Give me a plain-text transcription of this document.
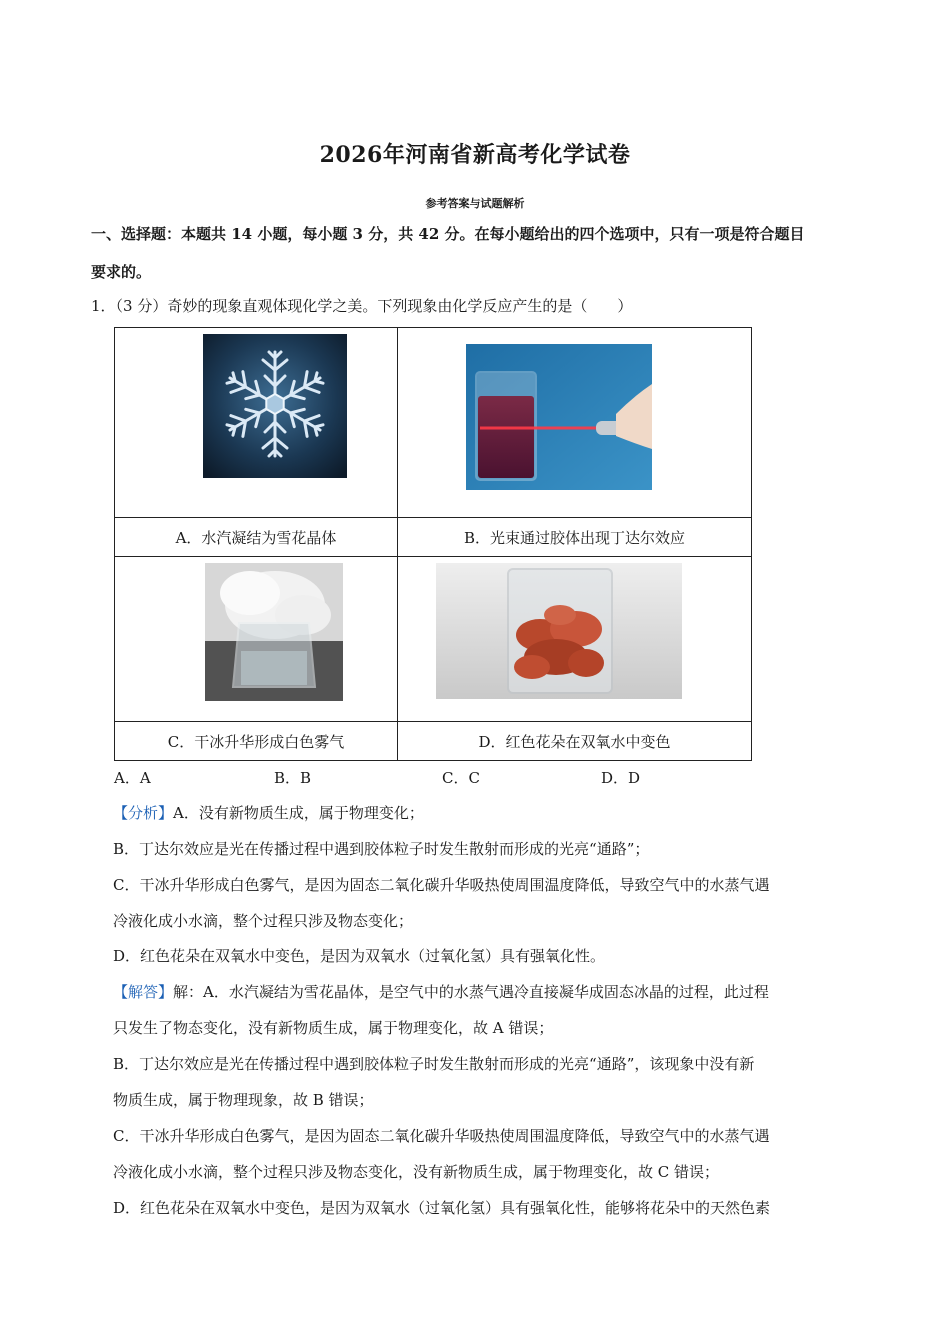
2026年河南省新高考化学试卷
参考答案与试题解析
一、选择题：本题共 14 小题，每小题 3 分，共 42 分。在每小题给出的四个选项中，只有一项是符合题目
要求的。
1．（3 分）奇妙的现象直观体现化学之美。下列现象由化学反应产生的是（　　）

A．水汽凝结为雪花晶体	B．光束通过胶体出现丁达尔效应

C．干冰升华形成白色雾气	D．红色花朵在双氧水中变色
A．A	B．B	C．C	D．D
【分析】A．没有新物质生成，属于物理变化；
B．丁达尔效应是光在传播过程中遇到胶体粒子时发生散射而形成的光亮“通路”；
C．干冰升华形成白色雾气，是因为固态二氧化碳升华吸热使周围温度降低，导致空气中的水蒸气遇
冷液化成小水滴，整个过程只涉及物态变化；
D．红色花朵在双氧水中变色，是因为双氧水（过氧化氢）具有强氧化性。
【解答】解：A．水汽凝结为雪花晶体，是空气中的水蒸气遇冷直接凝华成固态冰晶的过程，此过程
只发生了物态变化，没有新物质生成，属于物理变化，故 A 错误；
B．丁达尔效应是光在传播过程中遇到胶体粒子时发生散射而形成的光亮“通路”，该现象中没有新
物质生成，属于物理现象，故 B 错误；
C．干冰升华形成白色雾气，是因为固态二氧化碳升华吸热使周围温度降低，导致空气中的水蒸气遇
冷液化成小水滴，整个过程只涉及物态变化，没有新物质生成，属于物理变化，故 C 错误；
D．红色花朵在双氧水中变色，是因为双氧水（过氧化氢）具有强氧化性，能够将花朵中的天然色素
